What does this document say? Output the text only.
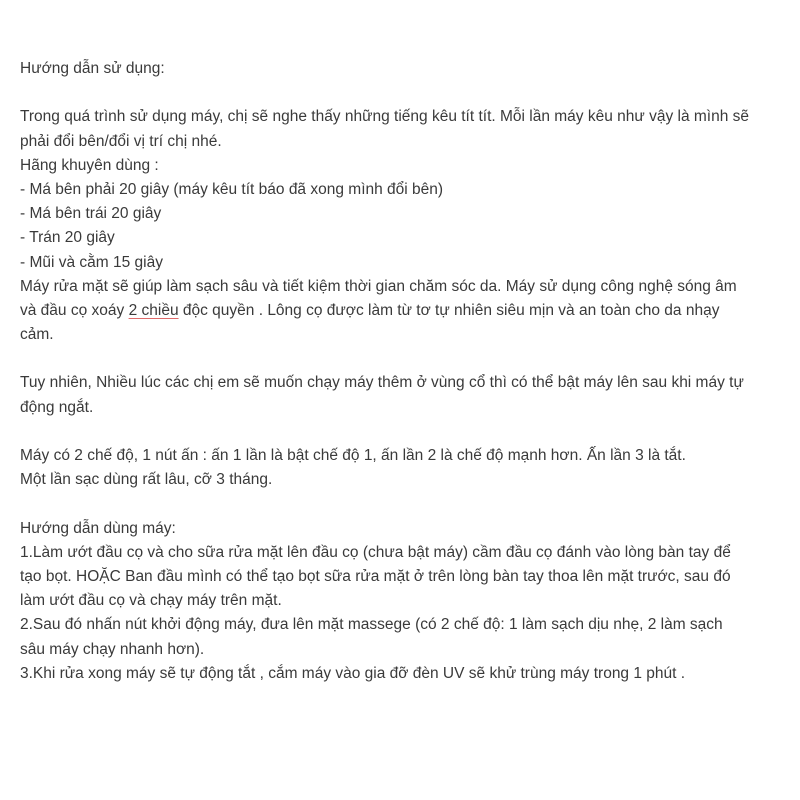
Hướng dẫn sử dụng:
Trong quá trình sử dụng máy, chị sẽ nghe thấy những tiếng kêu tít tít. Mỗi lần máy kêu như vậy là mình sẽ
phải đổi bên/đổi vị trí chị nhé.
Hãng khuyên dùng :
- Má bên phải 20 giây (máy kêu tít báo đã xong mình đổi bên)
- Má bên trái 20 giây
- Trán 20 giây
- Mũi và cằm 15 giây
Máy rửa mặt sẽ giúp làm sạch sâu và tiết kiệm thời gian chăm sóc da. Máy sử dụng công nghệ sóng âm
và đầu cọ xoáy 2 chiều độc quyền . Lông cọ được làm từ tơ tự nhiên siêu mịn và an toàn cho da nhạy
cảm.
Tuy nhiên, Nhiều lúc các chị em sẽ muốn chạy máy thêm ở vùng cổ thì có thể bật máy lên sau khi máy tự
động ngắt.
Máy có 2 chế độ, 1 nút ấn : ấn 1 lần là bật chế độ 1, ấn lần 2 là chế độ mạnh hơn. Ấn lần 3 là tắt.
Một lần sạc dùng rất lâu, cỡ 3 tháng.
Hướng dẫn dùng máy:
1.Làm ướt đầu cọ và cho sữa rửa mặt lên đầu cọ (chưa bật máy) cầm đầu cọ đánh vào lòng bàn tay để
tạo bọt. HOẶC Ban đầu mình có thể tạo bọt sữa rửa mặt ở trên lòng bàn tay thoa lên mặt trước, sau đó
làm ướt đầu cọ và chạy máy trên mặt.
2.Sau đó nhấn nút khởi động máy, đưa lên mặt massege (có 2 chế độ: 1 làm sạch dịu nhẹ, 2 làm sạch
sâu máy chạy nhanh hơn).
3.Khi rửa xong máy sẽ tự động tắt , cắm máy vào gia đỡ đèn UV sẽ khử trùng máy trong 1 phút .
